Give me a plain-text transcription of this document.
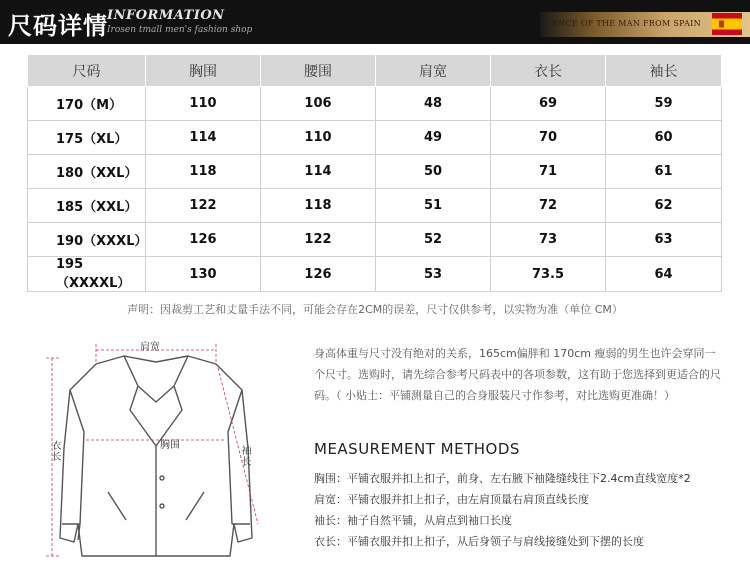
尺码详情 INFORMATION
Irosen tmall men's fashion shop
ENCE OF THE MAN FROM SPAIN
尺码	胸围	腰围	肩宽	衣长	袖长
170（M）	110	106	48	69	59
175（XL）	114	110	49	70	60
180（XXL）	118	114	50	71	61
185（XXL）	122	118	51	72	62
190（XXXL）	126	122	52	73	63
195（XXXXL）	130	126	53	73.5	64
声明：因裁剪工艺和丈量手法不同，可能会存在2CM的误差，尺寸仅供参考，以实物为准（单位 CM）
肩宽
胸围
衣长	袖长
身高体重与尺寸没有绝对的关系，165cm偏胖和 170cm 瘦弱的男生也许会穿同一个尺寸。选购时，请先综合参考尺码表中的各项参数，这有助于您选择到更适合的尺码。（ 小贴士：平铺测量自己的合身服装尺寸作参考，对比选购更准确！）
MEASUREMENT METHODS
胸围：平铺衣服并扣上扣子，前身、左右腋下袖隆缝线往下2.4cm直线宽度*2
肩宽：平铺衣服并扣上扣子，由左肩顶量右肩顶直线长度
袖长：袖子自然平铺，从肩点到袖口长度
衣长：平铺衣服并扣上扣子，从后身领子与肩线接缝处到下摆的长度
